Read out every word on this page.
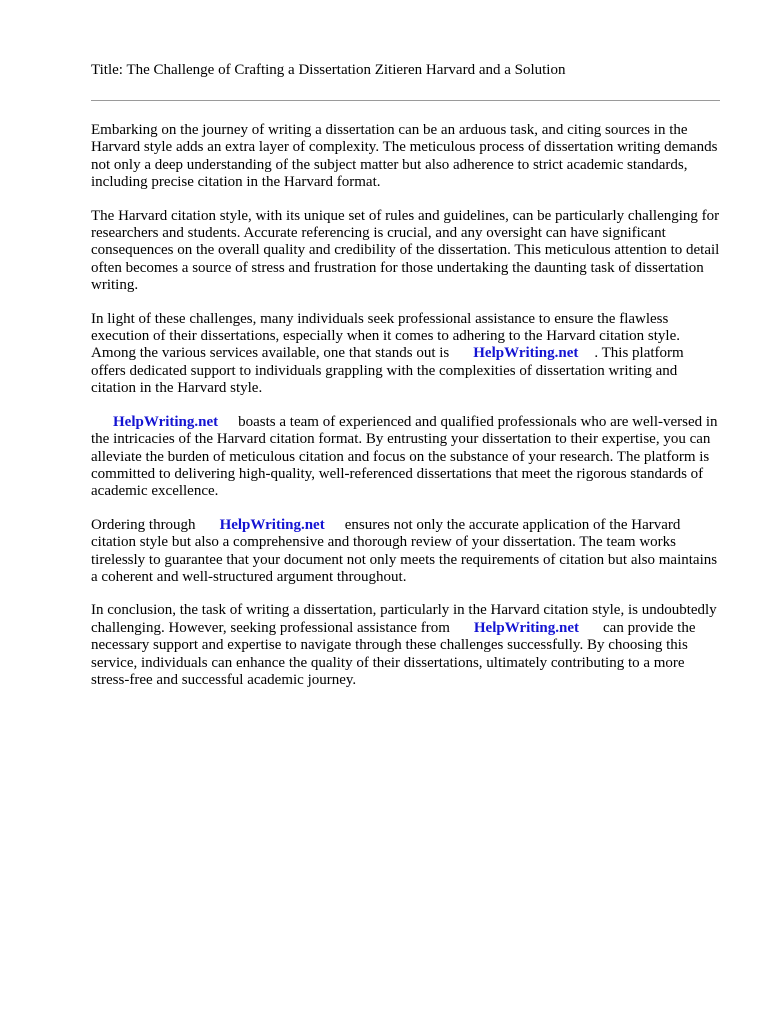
Title: The Challenge of Crafting a Dissertation Zitieren Harvard and a Solution

Embarking on the journey of writing a dissertation can be an arduous task, and citing sources in the Harvard style adds an extra layer of complexity. The meticulous process of dissertation writing demands not only a deep understanding of the subject matter but also adherence to strict academic standards, including precise citation in the Harvard format.

The Harvard citation style, with its unique set of rules and guidelines, can be particularly challenging for researchers and students. Accurate referencing is crucial, and any oversight can have significant consequences on the overall quality and credibility of the dissertation. This meticulous attention to detail often becomes a source of stress and frustration for those undertaking the daunting task of dissertation writing.

In light of these challenges, many individuals seek professional assistance to ensure the flawless execution of their dissertations, especially when it comes to adhering to the Harvard citation style. Among the various services available, one that stands out is HelpWriting.net . This platform offers dedicated support to individuals grappling with the complexities of dissertation writing and citation in the Harvard style.

HelpWriting.net boasts a team of experienced and qualified professionals who are well-versed in the intricacies of the Harvard citation format. By entrusting your dissertation to their expertise, you can alleviate the burden of meticulous citation and focus on the substance of your research. The platform is committed to delivering high-quality, well-referenced dissertations that meet the rigorous standards of academic excellence.

Ordering through HelpWriting.net ensures not only the accurate application of the Harvard citation style but also a comprehensive and thorough review of your dissertation. The team works tirelessly to guarantee that your document not only meets the requirements of citation but also maintains a coherent and well-structured argument throughout.

In conclusion, the task of writing a dissertation, particularly in the Harvard citation style, is undoubtedly challenging. However, seeking professional assistance from HelpWriting.net can provide the necessary support and expertise to navigate through these challenges successfully. By choosing this service, individuals can enhance the quality of their dissertations, ultimately contributing to a more stress-free and successful academic journey.
